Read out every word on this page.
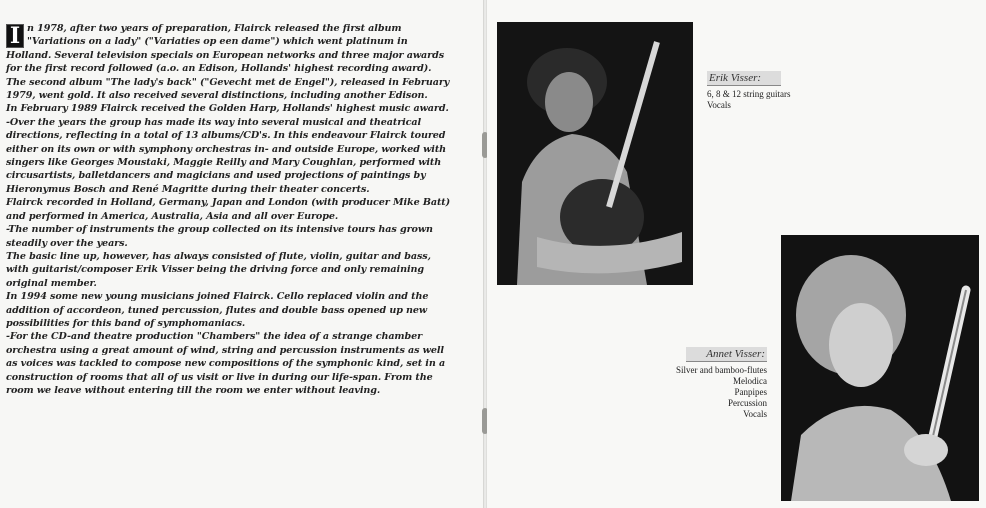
I n 1978, after two years of preparation, Flairck released the first album "Variations on a lady" ("Variaties op een dame") which went platinum in Holland. Several television specials on European networks and three major awards for the first record followed (a.o. an Edison, Hollands' highest recording award). The second album "The lady's back" ("Gevecht met de Engel"), released in February 1979, went gold. It also received several distinctions, including another Edison.

In February 1989 Flairck received the Golden Harp, Hollands' highest music award.

-Over the years the group has made its way into several musical and theatrical directions, reflecting in a total of 13 albums/CD's. In this endeavour Flairck toured either on its own or with symphony orchestras in- and outside Europe, worked with singers like Georges Moustaki, Maggie Reilly and Mary Coughlan, performed with circusartists, balletdancers and magicians and used projections of paintings by Hieronymus Bosch and René Magritte during their theater concerts.

Flairck recorded in Holland, Germany, Japan and London (with producer Mike Batt) and performed in America, Australia, Asia and all over Europe.

-The number of instruments the group collected on its intensive tours has grown steadily over the years.

The basic line up, however, has always consisted of flute, violin, guitar and bass, with guitarist/composer Erik Visser being the driving force and only remaining original member.

In 1994 some new young musicians joined Flairck. Cello replaced violin and the addition of accordeon, tuned percussion, flutes and double bass opened up new possibilities for this band of symphomaniacs.

-For the CD-and theatre production "Chambers" the idea of a strange chamber orchestra using a great amount of wind, string and percussion instruments as well as voices was tackled to compose new compositions of the symphonic kind, set in a construction of rooms that all of us visit or live in during our life-span. From the room we leave without entering till the room we enter without leaving.

Erik Visser:
6, 8 & 12 string guitars
Vocals
Annet Visser:
Silver and bamboo-flutes
Melodica
Panpipes
Percussion
Vocals
